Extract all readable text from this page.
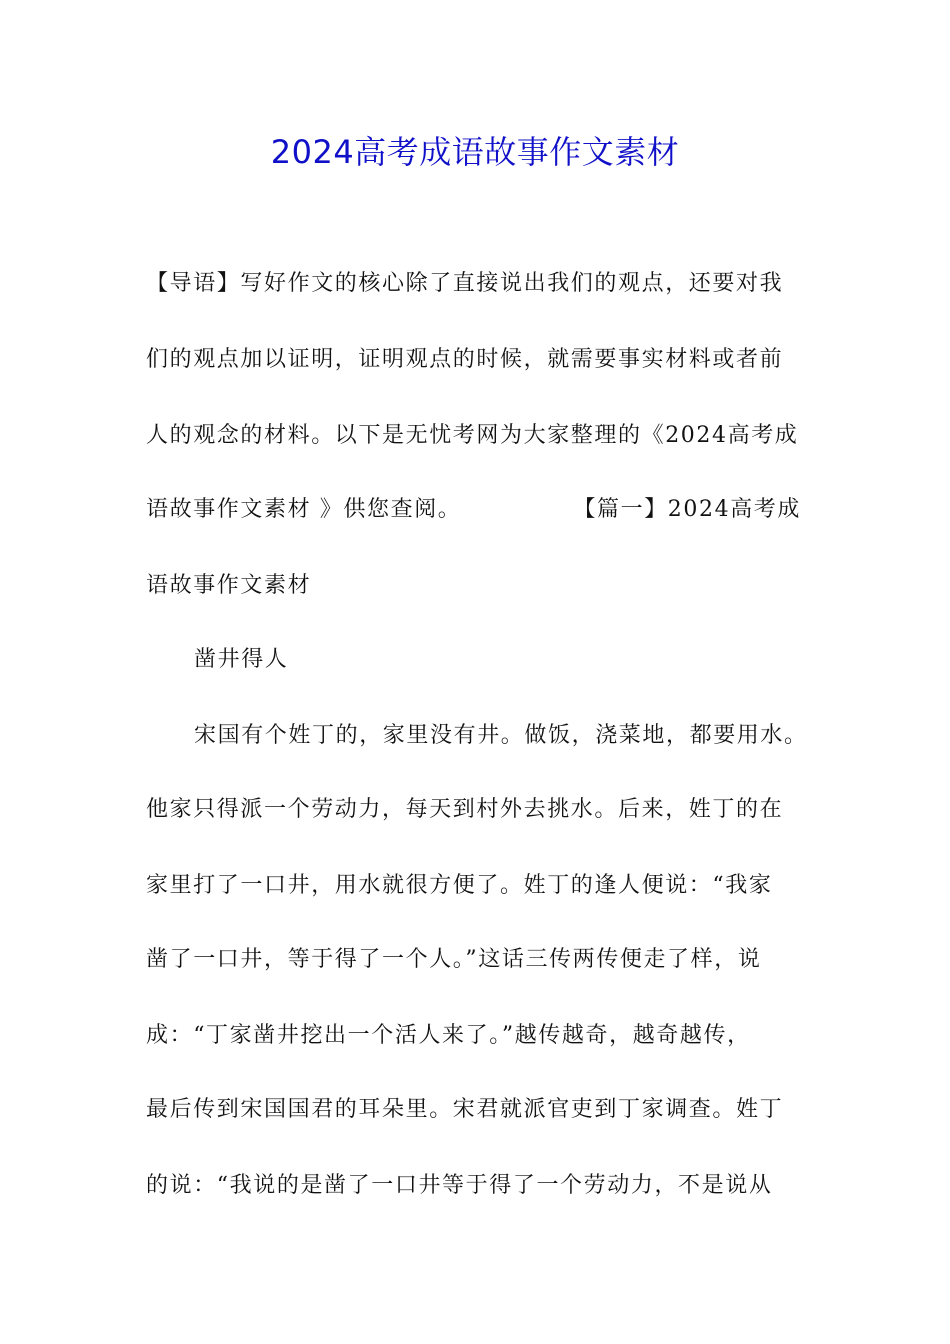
2024高考成语故事作文素材
【导语】写好作文的核心除了直接说出我们的观点，还要对我
们的观点加以证明，证明观点的时候，就需要事实材料或者前
人的观念的材料。以下是无忧考网为大家整理的《2024高考成
语故事作文素材 》供您查阅。	【篇一】2024高考成
语故事作文素材
凿井得人
宋国有个姓丁的，家里没有井。做饭，浇菜地，都要用水。
他家只得派一个劳动力，每天到村外去挑水。后来，姓丁的在
家里打了一口井，用水就很方便了。姓丁的逢人便说：“我家
凿了一口井，等于得了一个人。”这话三传两传便走了样，说
成：“丁家凿井挖出一个活人来了。”越传越奇，越奇越传，
最后传到宋国国君的耳朵里。宋君就派官吏到丁家调查。姓丁
的说：“我说的是凿了一口井等于得了一个劳动力，不是说从
